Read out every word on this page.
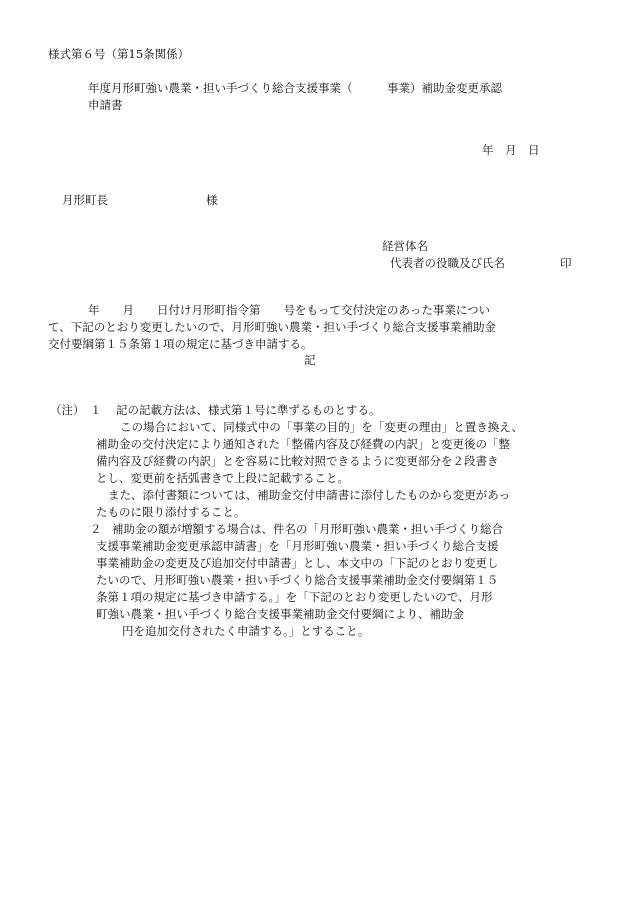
様式第６号（第15条関係）
年度月形町強い農業・担い手づくり総合支援事業（　　　事業）補助金変更承認
申請書
年　月　日
月形町長	様
経営体名
代表者の役職及び氏名	印
年　　月　　日付け月形町指令第　　号をもって交付決定のあった事業につい
て、下記のとおり変更したいので、月形町強い農業・担い手づくり総合支援事業補助金
交付要綱第１５条第１項の規定に基づき申請する。
記
（注） １	記の記載方法は、様式第１号に準ずるものとする。
この場合において、同様式中の「事業の目的」を「変更の理由」と置き換え、
補助金の交付決定により通知された「整備内容及び経費の内訳」と変更後の「整
備内容及び経費の内訳」とを容易に比較対照できるように変更部分を２段書き
とし、変更前を括弧書きで上段に記載すること。
また、添付書類については、補助金交付申請書に添付したものから変更があっ
たものに限り添付すること。
２ 補助金の額が増額する場合は、件名の「月形町強い農業・担い手づくり総合
支援事業補助金変更承認申請書」を「月形町強い農業・担い手づくり総合支援
事業補助金の変更及び追加交付申請書」とし、本文中の「下記のとおり変更し
たいので、月形町強い農業・担い手づくり総合支援事業補助金交付要綱第１５
条第１項の規定に基づき申請する。」を「下記のとおり変更したいので、月形
町強い農業・担い手づくり総合支援事業補助金交付要綱により、補助金
円を追加交付されたく申請する。」とすること。
